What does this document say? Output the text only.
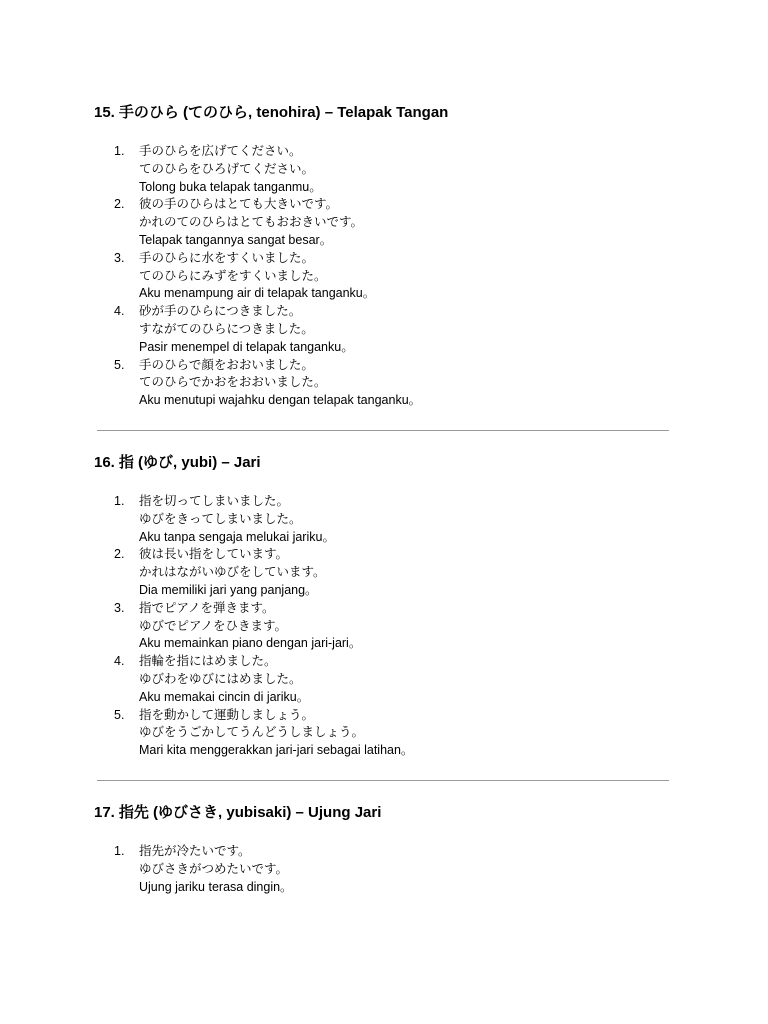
15. 手のひら (てのひら, tenohira) – Telapak Tangan
1. 手のひらを広げてください。
てのひらをひろげてください。
Tolong buka telapak tanganmu。
2. 彼の手のひらはとても大きいです。
かれのてのひらはとてもおおきいです。
Telapak tangannya sangat besar。
3. 手のひらに水をすくいました。
てのひらにみずをすくいました。
Aku menampung air di telapak tanganku。
4. 砂が手のひらにつきました。
すながてのひらにつきました。
Pasir menempel di telapak tanganku。
5. 手のひらで顔をおおいました。
てのひらでかおをおおいました。
Aku menutupi wajahku dengan telapak tanganku。
16. 指 (ゆび, yubi) – Jari
1. 指を切ってしまいました。
ゆびをきってしまいました。
Aku tanpa sengaja melukai jariku。
2. 彼は長い指をしています。
かれはながいゆびをしています。
Dia memiliki jari yang panjang。
3. 指でピアノを弾きます。
ゆびでピアノをひきます。
Aku memainkan piano dengan jari-jari。
4. 指輪を指にはめました。
ゆびわをゆびにはめました。
Aku memakai cincin di jariku。
5. 指を動かして運動しましょう。
ゆびをうごかしてうんどうしましょう。
Mari kita menggerakkan jari-jari sebagai latihan。
17. 指先 (ゆびさき, yubisaki) – Ujung Jari
1. 指先が冷たいです。
ゆびさきがつめたいです。
Ujung jariku terasa dingin。
